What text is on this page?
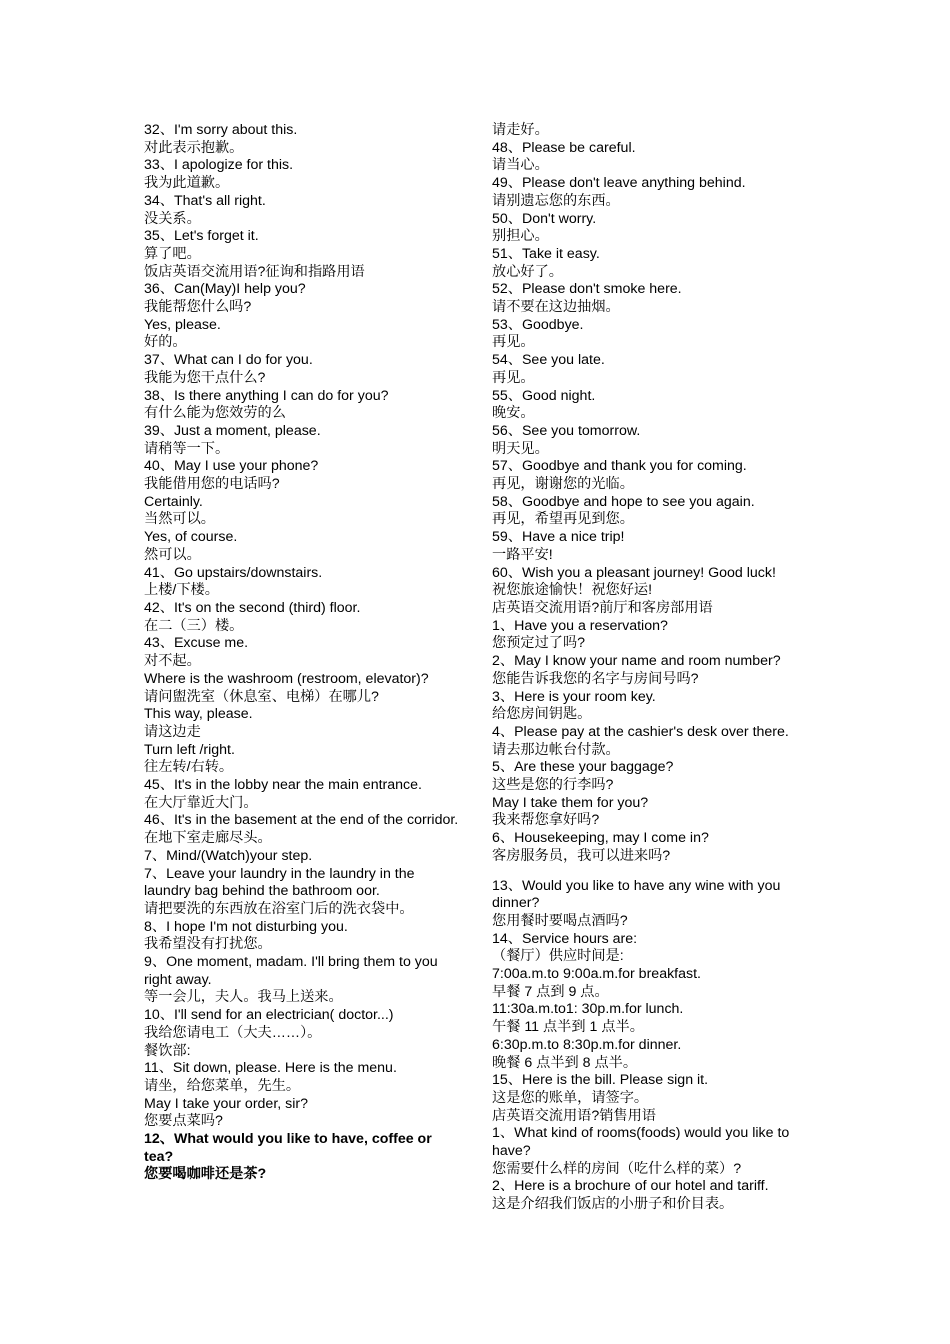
32、I'm sorry about this.
对此表示抱歉。
33、I apologize for this.
我为此道歉。
34、That's all right.
没关系。
35、Let's forget it.
算了吧。
饭店英语交流用语?征询和指路用语
36、Can(May)I help you?
我能帮您什么吗?
Yes, please.
好的。
37、What can I do for you.
我能为您干点什么?
38、Is there anything I can do for you?
有什么能为您效劳的么
39、Just a moment, please.
请稍等一下。
40、May I use your phone?
我能借用您的电话吗?
Certainly.
当然可以。
Yes, of course.
然可以。
41、Go upstairs/downstairs.
上楼/下楼。
42、It's on the second (third) floor.
在二（三）楼。
43、Excuse me.
对不起。
Where is the washroom (restroom, elevator)?
请问盥洗室（休息室、电梯）在哪儿?
This way, please.
请这边走
Turn left /right.
往左转/右转。
45、It's in the lobby near the main entrance.
在大厅靠近大门。
46、It's in the basement at the end of the corridor.
在地下室走廊尽头。
7、Mind/(Watch)your step.
7、Leave your laundry in the laundry in the laundry bag behind the bathroom oor.
请把要洗的东西放在浴室门后的洗衣袋中。
8、I hope I'm not disturbing you.
我希望没有打扰您。
9、One moment, madam. I'll bring them to you right away.
等一会儿，夫人。我马上送来。
10、I'll send for an electrician( doctor...)
我给您请电工（大夫……）。
餐饮部:
11、Sit down, please. Here is the menu.
请坐，给您菜单，先生。
May I take your order, sir?
您要点菜吗?
12、What would you like to have, coffee or tea?
您要喝咖啡还是茶?
请走好。
48、Please be careful.
请当心。
49、Please don't leave anything behind.
请别遗忘您的东西。
50、Don't worry.
别担心。
51、Take it easy.
放心好了。
52、Please don't smoke here.
请不要在这边抽烟。
53、Goodbye.
再见。
54、See you late.
再见。
55、Good night.
晚安。
56、See you tomorrow.
明天见。
57、Goodbye and thank you for coming.
再见，谢谢您的光临。
58、Goodbye and hope to see you again.
再见，希望再见到您。
59、Have a nice trip!
一路平安!
60、Wish you a pleasant journey! Good luck!
祝您旅途愉快！祝您好运!
店英语交流用语?前厅和客房部用语
1、Have you a reservation?
您预定过了吗?
2、May I know your name and room number?
您能告诉我您的名字与房间号吗?
3、Here is your room key.
给您房间钥匙。
4、Please pay at the cashier's desk over there.
请去那边帐台付款。
5、Are these your baggage?
这些是您的行李吗?
May I take them for you?
我来帮您拿好吗?
6、Housekeeping, may I come in?
客房服务员，我可以进来吗?
13、Would you like to have any wine with you dinner?
您用餐时要喝点酒吗?
14、Service hours are:
（餐厅）供应时间是:
7:00a.m.to 9:00a.m.for breakfast.
早餐 7 点到 9 点。
11:30a.m.to1: 30p.m.for lunch.
午餐 11 点半到 1 点半。
6:30p.m.to 8:30p.m.for dinner.
晚餐 6 点半到 8 点半。
15、Here is the bill. Please sign it.
这是您的账单，请签字。
店英语交流用语?销售用语
1、What kind of rooms(foods) would you like to have?
您需要什么样的房间（吃什么样的菜）?
2、Here is a brochure of our hotel and tariff.
这是介绍我们饭店的小册子和价目表。
